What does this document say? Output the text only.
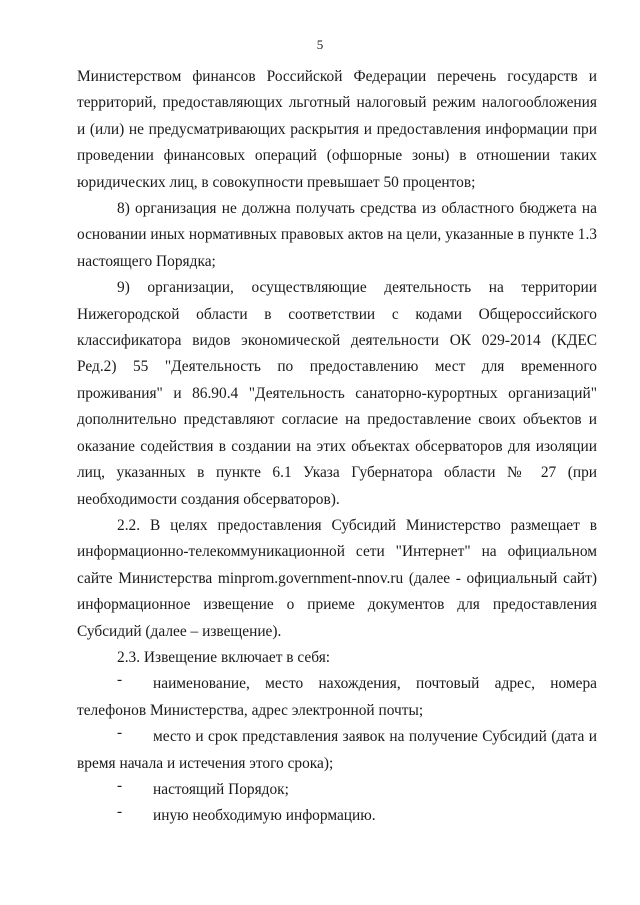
5

Министерством финансов Российской Федерации перечень государств и территорий, предоставляющих льготный налоговый режим налогообложения и (или) не предусматривающих раскрытия и предоставления информации при проведении финансовых операций (офшорные зоны) в отношении таких юридических лиц, в совокупности превышает 50 процентов;

8) организация не должна получать средства из областного бюджета на основании иных нормативных правовых актов на цели, указанные в пункте 1.3 настоящего Порядка;

9) организации, осуществляющие деятельность на территории Нижегородской области в соответствии с кодами Общероссийского классификатора видов экономической деятельности ОК 029-2014 (КДЕС Ред.2) 55 "Деятельность по предоставлению мест для временного проживания" и 86.90.4 "Деятельность санаторно-курортных организаций" дополнительно представляют согласие на предоставление своих объектов и оказание содействия в создании на этих объектах обсерваторов для изоляции лиц, указанных в пункте 6.1 Указа Губернатора области № 27 (при необходимости создания обсерваторов).

2.2. В целях предоставления Субсидий Министерство размещает в информационно-телекоммуникационной сети "Интернет" на официальном сайте Министерства minprom.government-nnov.ru (далее - официальный сайт) информационное извещение о приеме документов для предоставления Субсидий (далее – извещение).

2.3. Извещение включает в себя:

-	наименование, место нахождения, почтовый адрес, номера телефонов Министерства, адрес электронной почты;

-	место и срок представления заявок на получение Субсидий (дата и время начала и истечения этого срока);

-	настоящий Порядок;

-	иную необходимую информацию.
